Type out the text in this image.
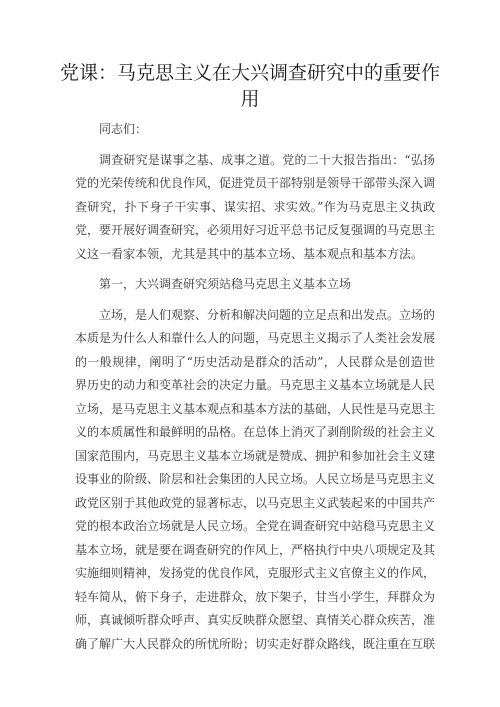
党课：马克思主义在大兴调查研究中的重要作用

同志们：

调查研究是谋事之基、成事之道。党的二十大报告指出：“弘扬党的光荣传统和优良作风，促进党员干部特别是领导干部带头深入调查研究，扑下身子干实事、谋实招、求实效。”作为马克思主义执政党，要开展好调查研究，必须用好习近平总书记反复强调的马克思主义这一看家本领，尤其是其中的基本立场、基本观点和基本方法。

第一，大兴调查研究须站稳马克思主义基本立场

立场，是人们观察、分析和解决问题的立足点和出发点。立场的本质是为什么人和靠什么人的问题，马克思主义揭示了人类社会发展的一般规律，阐明了“历史活动是群众的活动”，人民群众是创造世界历史的动力和变革社会的决定力量。马克思主义基本立场就是人民立场，是马克思主义基本观点和基本方法的基础，人民性是马克思主义的本质属性和最鲜明的品格。在总体上消灭了剥削阶级的社会主义国家范围内，马克思主义基本立场就是赞成、拥护和参加社会主义建设事业的阶级、阶层和社会集团的人民立场。人民立场是马克思主义政党区别于其他政党的显著标志，以马克思主义武装起来的中国共产党的根本政治立场就是人民立场。全党在调查研究中站稳马克思主义基本立场，就是要在调查研究的作风上，严格执行中央八项规定及其实施细则精神，发扬党的优良作风，克服形式主义官僚主义的作风，轻车简从，俯下身子，走进群众，放下架子，甘当小学生，拜群众为师，真诚倾听群众呼声、真实反映群众愿望、真情关心群众疾苦，准确了解广大人民群众的所忧所盼；切实走好群众路线，既注重在互联
